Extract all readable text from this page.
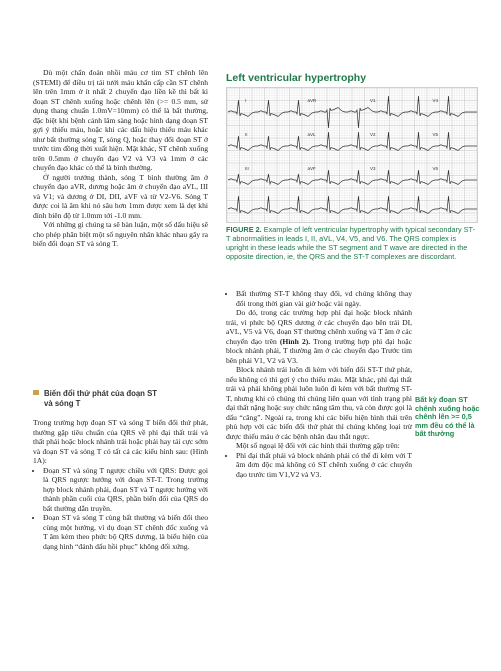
Dù một chẩn đoán nhồi máu cơ tim ST chênh lên (STEMI) để điều trị tái tưới máu khẩn cấp cần ST chênh lên trên 1mm ở ít nhất 2 chuyển đạo liền kề thì bất kì đoạn ST chênh xuống hoặc chênh lên (>= 0.5 mm, sử dụng thang chuẩn 1.0mV=10mm) có thể là bất thường, đặc biệt khi bệnh cảnh lâm sàng hoặc hình dạng đoạn ST gợi ý thiếu máu, hoặc khi các dấu hiệu thiếu máu khác như bất thường sóng T, sóng Q, hoặc thay đổi đoạn ST ở trước tim đồng thời xuất hiện. Mặt khác, ST chênh xuống trên 0.5mm ở chuyển đạo V2 và V3 và 1mm ở các chuyển đạo khác có thể là bình thường.

Ở người trưởng thành, sóng T bình thường âm ở chuyển đạo aVR, dương hoặc âm ở chuyển đạo aVL, III và V1; và dương ở DI, DII, aVF và từ V2-V6. Sóng T được coi là âm khi nó sâu hơn 1mm được xem là dẹt khi đỉnh biên độ từ 1.0mm tới -1.0 mm.

Với những gì chúng ta sẽ bàn luận, một số dấu hiệu sẽ cho phép phân biệt một số nguyên nhân khác nhau gây ra biến đổi đoạn ST và sóng T.

Biến đổi thứ phát của đoạn ST
và sóng T

Trong trường hợp đoạn ST và sóng T biến đổi thứ phát, thường gặp tiêu chuẩn của QRS về phì đại thất trái và thất phải hoặc block nhánh trái hoặc phải hay tái cực sớm và đoạn ST và sóng T có tất cả các kiểu hình sau: (Hình 1A):

• Đoạn ST và sóng T ngược chiều với QRS: Được gọi là QRS ngược hướng với đoạn ST-T. Trong trường hợp block nhánh phải, đoạn ST và T ngược hướng với thành phần cuối của QRS, phần biến đổi của QRS do bất thường dẫn truyền.
• Đoạn ST và sóng T cùng bất thường và biến đổi theo cùng một hướng, ví dụ đoạn ST chênh đốc xuống và T âm kèm theo phức bộ QRS dương, là biểu hiện của dạng hình “đánh dấu hồi phục” không đối xứng.
Left ventricular hypertrophy
I	aVR	V1	V4
II	aVL	V2	V5
III	aVF	V3	V6
FIGURE 2. Example of left ventricular hypertrophy with typical secondary ST-T abnormalities in leads I, II, aVL, V4, V5, and V6. The QRS complex is upright in these leads while the ST segment and T wave are directed in the opposite direction, ie, the QRS and the ST-T complexes are discordant.
• Bất thường ST-T không thay đổi, vd chúng không thay đổi trong thời gian vài giờ hoặc vài ngày.

Do đó, trong các trường hợp phì đại hoặc block nhánh trái, vì phức bộ QRS dương ở các chuyển đạo bên trái DI, aVL, V5 và V6, đoạn ST thường chênh xuống và T âm ở các chuyển đạo trên (Hình 2). Trong trường hợp phì đại hoặc block nhánh phải, T thường âm ở các chuyển đạo Trước tim bên phải V1, V2 và V3.

Block nhánh trái luôn đi kèm với biến đổi ST-T thứ phát, nếu không có thì gợi ý cho thiếu máu. Mặt khác, phì đại thất trái và phải không phải luôn luôn đi kèm với bất thường ST-T, nhưng khi có chúng thì chúng liên quan với tình trạng phì đại thất nặng hoặc suy chức năng tâm thu, và còn được gọi là dấu “căng”. Ngoài ra, trong khi các biểu hiện hình thái trên phù hợp với các biến đổi thứ phát thì chúng không loại trừ được thiếu máu ở các bệnh nhân đau thắt ngực.

Một số ngoại lệ đối với các hình thái thường gặp trên:

• Phì đại thất phải và block nhánh phải có thể đi kèm với T âm đơn độc mà không có ST chênh xuống ở các chuyển đạo trước tim V1,V2 và V3.
Bất kỳ đoạn ST chênh xuống hoặc chênh lên >= 0,5 mm đều có thể là bất thường
